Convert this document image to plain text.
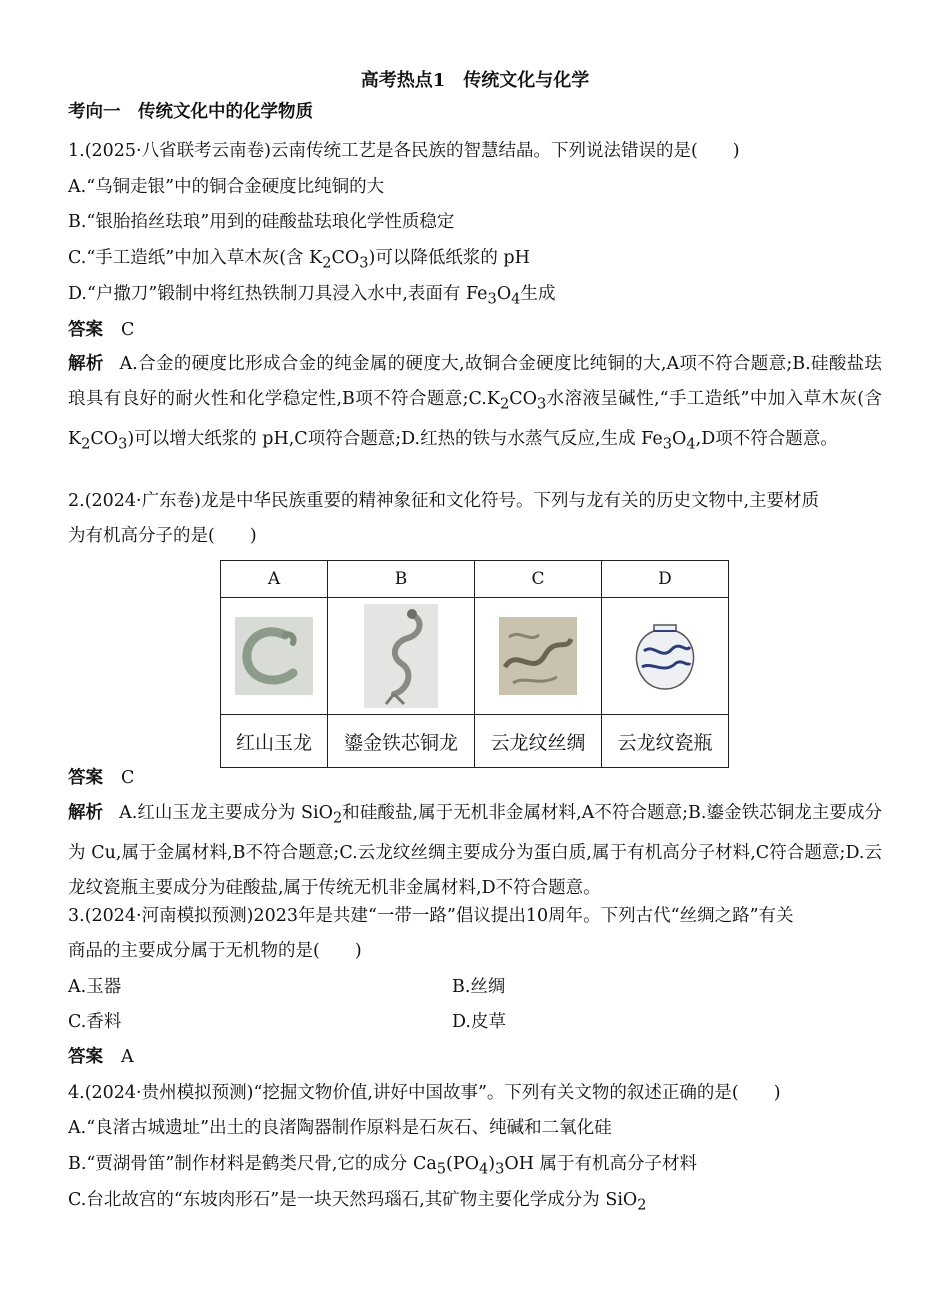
高考热点1　传统文化与化学
考向一　传统文化中的化学物质
1.(2025·八省联考云南卷)云南传统工艺是各民族的智慧结晶。下列说法错误的是(　　)
A.“乌铜走银”中的铜合金硬度比纯铜的大
B.“银胎掐丝珐琅”用到的硅酸盐珐琅化学性质稳定
C.“手工造纸”中加入草木灰(含 $K_2CO_3$)可以降低纸浆的 pH
D.“户撒刀”锻制中将红热铁制刀具浸入水中,表面有 $Fe_3O_4$生成
答案 C
解析 A.合金的硬度比形成合金的纯金属的硬度大,故铜合金硬度比纯铜的大,A项不符合题意;B.硅酸盐珐琅具有良好的耐火性和化学稳定性,B项不符合题意$;C.K_2CO_3$水溶液呈碱性,“手工造纸”中加入草木灰(含 $K_2CO_3$)可以增大纸浆的 pH,C项符合题意;D.红热的铁与水蒸气反应,生成 $Fe_3O_4,D$项不符合题意。
2.(2024·广东卷)龙是中华民族重要的精神象征和文化符号。下列与龙有关的历史文物中,主要材质
为有机高分子的是(　　)
A	B	C	D

红山玉龙	鎏金铁芯铜龙	云龙纹丝绸	云龙纹瓷瓶
答案 C
解析 A.红山玉龙主要成分为 SiO$_2$和硅酸盐,属于无机非金属材料,A不符合题意;B.鎏金铁芯铜龙主要成分为 Cu,属于金属材料,B不符合题意;C.云龙纹丝绸主要成分为蛋白质,属于有机高分子材料,C符合题意;D.云龙纹瓷瓶主要成分为硅酸盐,属于传统无机非金属材料,D不符合题意。
3.(2024·河南模拟预测)2023年是共建“一带一路”倡议提出10周年。下列古代“丝绸之路”有关
商品的主要成分属于无机物的是(　　)
A.玉器	B.丝绸
C.香料	D.皮草
答案 A
4.(2024·贵州模拟预测)“挖掘文物价值,讲好中国故事”。下列有关文物的叙述正确的是(　　)
A.“良渚古城遗址”出土的良渚陶器制作原料是石灰石、纯碱和二氧化硅
B.“贾湖骨笛”制作材料是鹤类尺骨,它的成分 $Ca_5(PO_4)_3OH$ 属于有机高分子材料
C.台北故宫的“东坡肉形石”是一块天然玛瑙石,其矿物主要化学成分为 SiO$_2$
